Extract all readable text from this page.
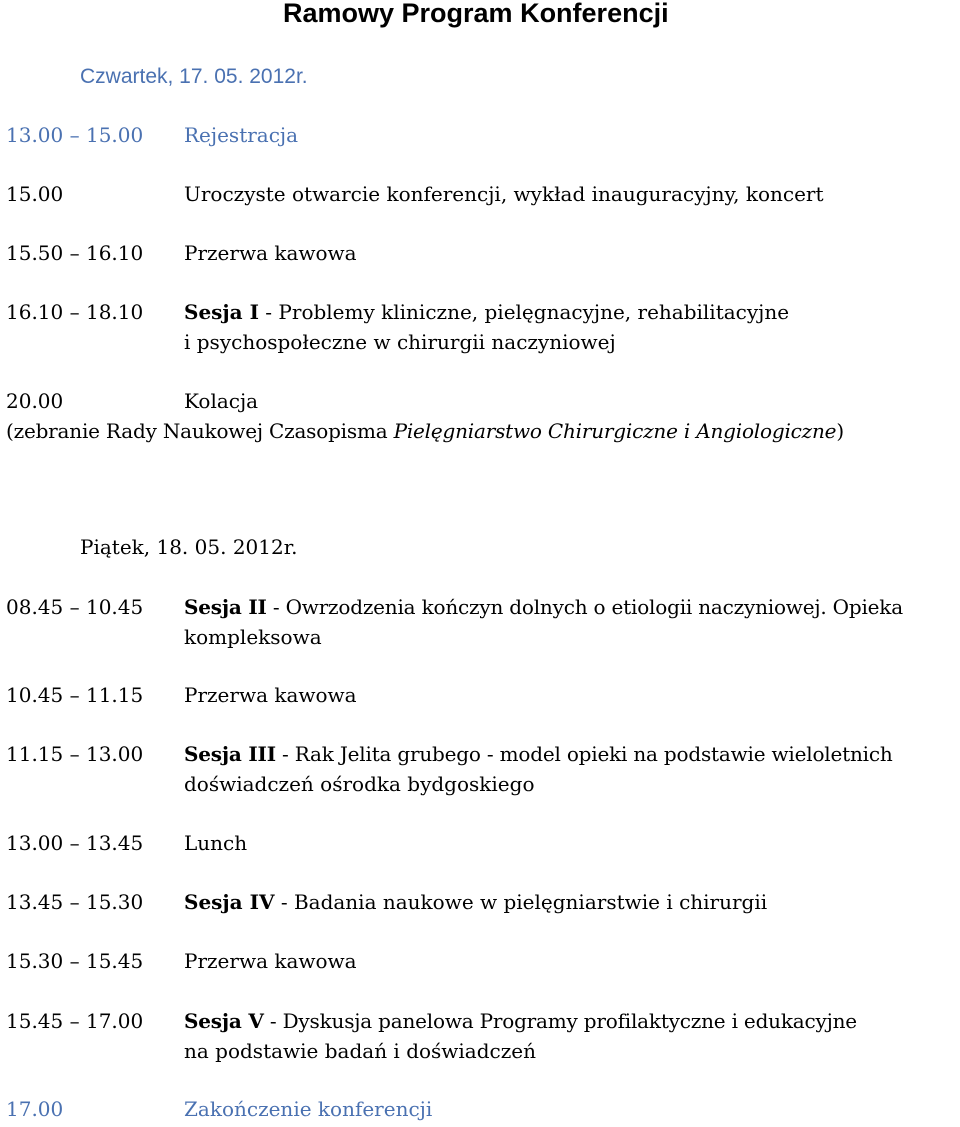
Ramowy Program Konferencji
Czwartek, 17. 05. 2012r.
13.00 – 15.00 Rejestracja
15.00	Uroczyste otwarcie konferencji, wykład inauguracyjny, koncert
15.50 – 16.10 Przerwa kawowa
16.10 – 18.10 Sesja I - Problemy kliniczne, pielęgnacyjne, rehabilitacyjne
i psychospołeczne w chirurgii naczyniowej
20.00	Kolacja
(zebranie Rady Naukowej Czasopisma Pielęgniarstwo Chirurgiczne i Angiologiczne)
Piątek, 18. 05. 2012r.
08.45 – 10.45 Sesja II - Owrzodzenia kończyn dolnych o etiologii naczyniowej. Opieka
kompleksowa
10.45 – 11.15 Przerwa kawowa
11.15 – 13.00 Sesja III - Rak Jelita grubego - model opieki na podstawie wieloletnich
doświadczeń ośrodka bydgoskiego
13.00 – 13.45 Lunch
13.45 – 15.30 Sesja IV - Badania naukowe w pielęgniarstwie i chirurgii
15.30 – 15.45 Przerwa kawowa
15.45 – 17.00 Sesja V - Dyskusja panelowa Programy profilaktyczne i edukacyjne
na podstawie badań i doświadczeń
17.00	Zakończenie konferencji
